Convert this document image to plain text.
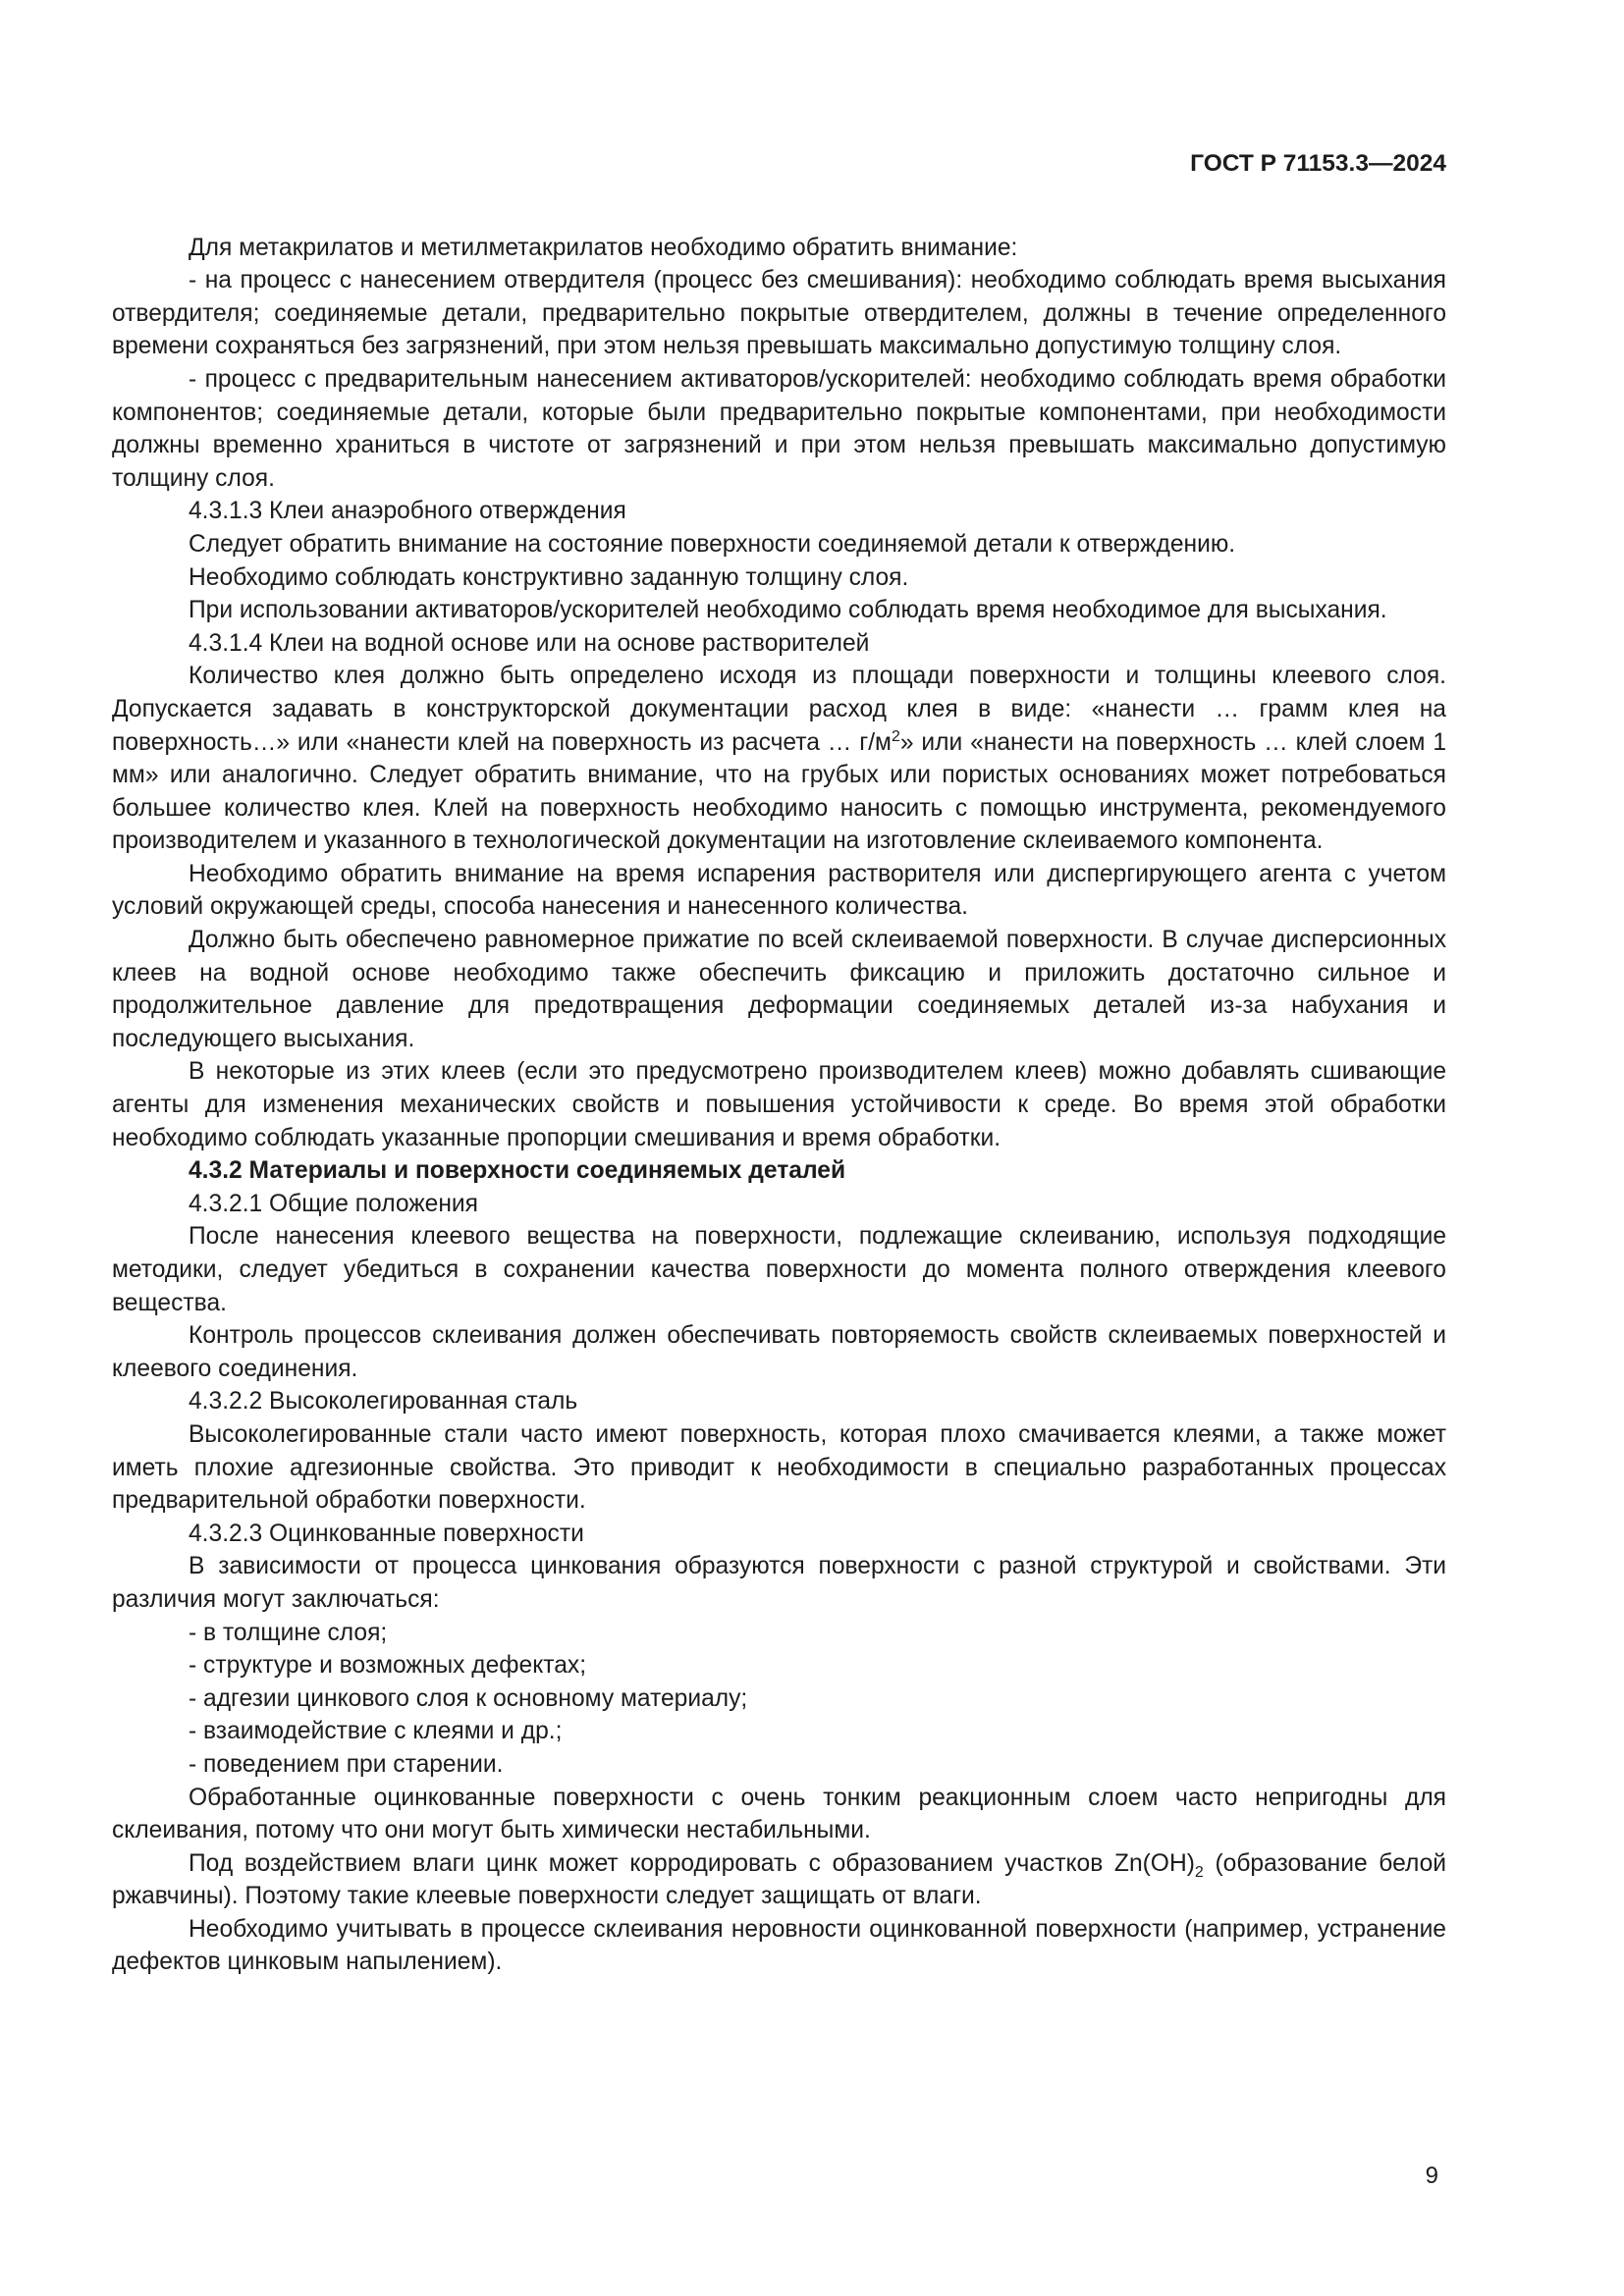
ГОСТ Р 71153.3—2024

Для метакрилатов и метилметакрилатов необходимо обратить внимание:

- на процесс с нанесением отвердителя (процесс без смешивания): необходимо соблюдать время высыхания отвердителя; соединяемые детали, предварительно покрытые отвердителем, должны в течение определенного времени сохраняться без загрязнений, при этом нельзя превышать максимально допустимую толщину слоя.

- процесс с предварительным нанесением активаторов/ускорителей: необходимо соблюдать время обработки компонентов; соединяемые детали, которые были предварительно покрытые компонентами, при необходимости должны временно храниться в чистоте от загрязнений и при этом нельзя превышать максимально допустимую толщину слоя.

4.3.1.3 Клеи анаэробного отверждения

Следует обратить внимание на состояние поверхности соединяемой детали к отверждению.

Необходимо соблюдать конструктивно заданную толщину слоя.

При использовании активаторов/ускорителей необходимо соблюдать время необходимое для высыхания.

4.3.1.4 Клеи на водной основе или на основе растворителей

Количество клея должно быть определено исходя из площади поверхности и толщины клеевого слоя. Допускается задавать в конструкторской документации расход клея в виде: «нанести … грамм клея на поверхность…» или «нанести клей на поверхность из расчета … $г/м^2$» или «нанести на поверхность … клей слоем 1 мм» или аналогично. Следует обратить внимание, что на грубых или пористых основаниях может потребоваться большее количество клея. Клей на поверхность необходимо наносить с помощью инструмента, рекомендуемого производителем и указанного в технологической документации на изготовление склеиваемого компонента.

Необходимо обратить внимание на время испарения растворителя или диспергирующего агента с учетом условий окружающей среды, способа нанесения и нанесенного количества.

Должно быть обеспечено равномерное прижатие по всей склеиваемой поверхности. В случае дисперсионных клеев на водной основе необходимо также обеспечить фиксацию и приложить достаточно сильное и продолжительное давление для предотвращения деформации соединяемых деталей из-за набухания и последующего высыхания.

В некоторые из этих клеев (если это предусмотрено производителем клеев) можно добавлять сшивающие агенты для изменения механических свойств и повышения устойчивости к среде. Во время этой обработки необходимо соблюдать указанные пропорции смешивания и время обработки.

4.3.2 Материалы и поверхности соединяемых деталей

4.3.2.1 Общие положения

После нанесения клеевого вещества на поверхности, подлежащие склеиванию, используя подходящие методики, следует убедиться в сохранении качества поверхности до момента полного отверждения клеевого вещества.

Контроль процессов склеивания должен обеспечивать повторяемость свойств склеиваемых поверхностей и клеевого соединения.

4.3.2.2 Высоколегированная сталь

Высоколегированные стали часто имеют поверхность, которая плохо смачивается клеями, а также может иметь плохие адгезионные свойства. Это приводит к необходимости в специально разработанных процессах предварительной обработки поверхности.

4.3.2.3 Оцинкованные поверхности

В зависимости от процесса цинкования образуются поверхности с разной структурой и свойствами. Эти различия могут заключаться:

- в толщине слоя;

- структуре и возможных дефектах;

- адгезии цинкового слоя к основному материалу;

- взаимодействие с клеями и др.;

- поведением при старении.

Обработанные оцинкованные поверхности с очень тонким реакционным слоем часто непригодны для склеивания, потому что они могут быть химически нестабильными.

Под воздействием влаги цинк может корродировать с образованием участков $Zn(OH)_2$ (образование белой ржавчины). Поэтому такие клеевые поверхности следует защищать от влаги.

Необходимо учитывать в процессе склеивания неровности оцинкованной поверхности (например, устранение дефектов цинковым напылением).

9
